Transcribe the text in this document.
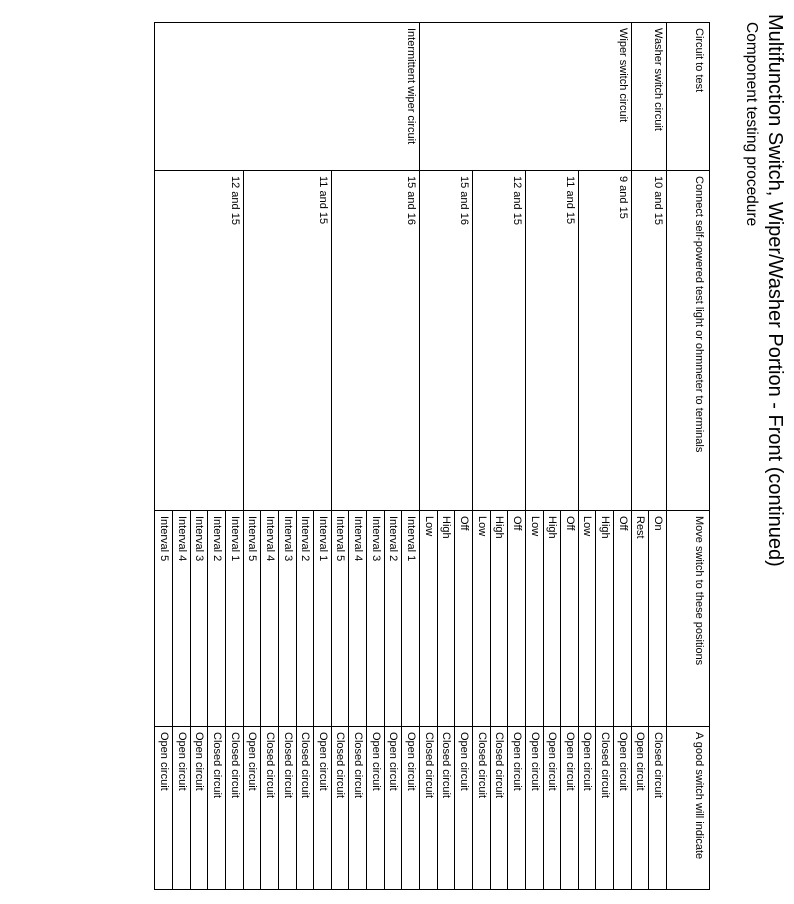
Multifunction Switch, Wiper/Washer Portion - Front (continued)
Component testing procedure
Circuit to test	Connect self-powered test light or ohmmeter to terminals	Move switch to these positions	A good switch will indicate
Washer switch circuit	10 and 15	On	Closed circuit
		Rest	Open circuit
Wiper switch circuit	9 and 15	Off	Open circuit
		High	Closed circuit
		Low	Open circuit
	11 and 15	Off	Open circuit
		High	Open circuit
		Low	Open circuit
	12 and 15	Off	Open circuit
		High	Closed circuit
		Low	Closed circuit
	15 and 16	Off	Open circuit
		High	Closed circuit
		Low	Closed circuit
Intermittent wiper circuit	15 and 16	Interval 1	Open circuit
		Interval 2	Open circuit
		Interval 3	Open circuit
		Interval 4	Closed circuit
		Interval 5	Closed circuit
	11 and 15	Interval 1	Open circuit
		Interval 2	Closed circuit
		Interval 3	Closed circuit
		Interval 4	Closed circuit
		Interval 5	Open circuit
	12 and 15	Interval 1	Closed circuit
		Interval 2	Closed circuit
		Interval 3	Open circuit
		Interval 4	Open circuit
		Interval 5	Open circuit
